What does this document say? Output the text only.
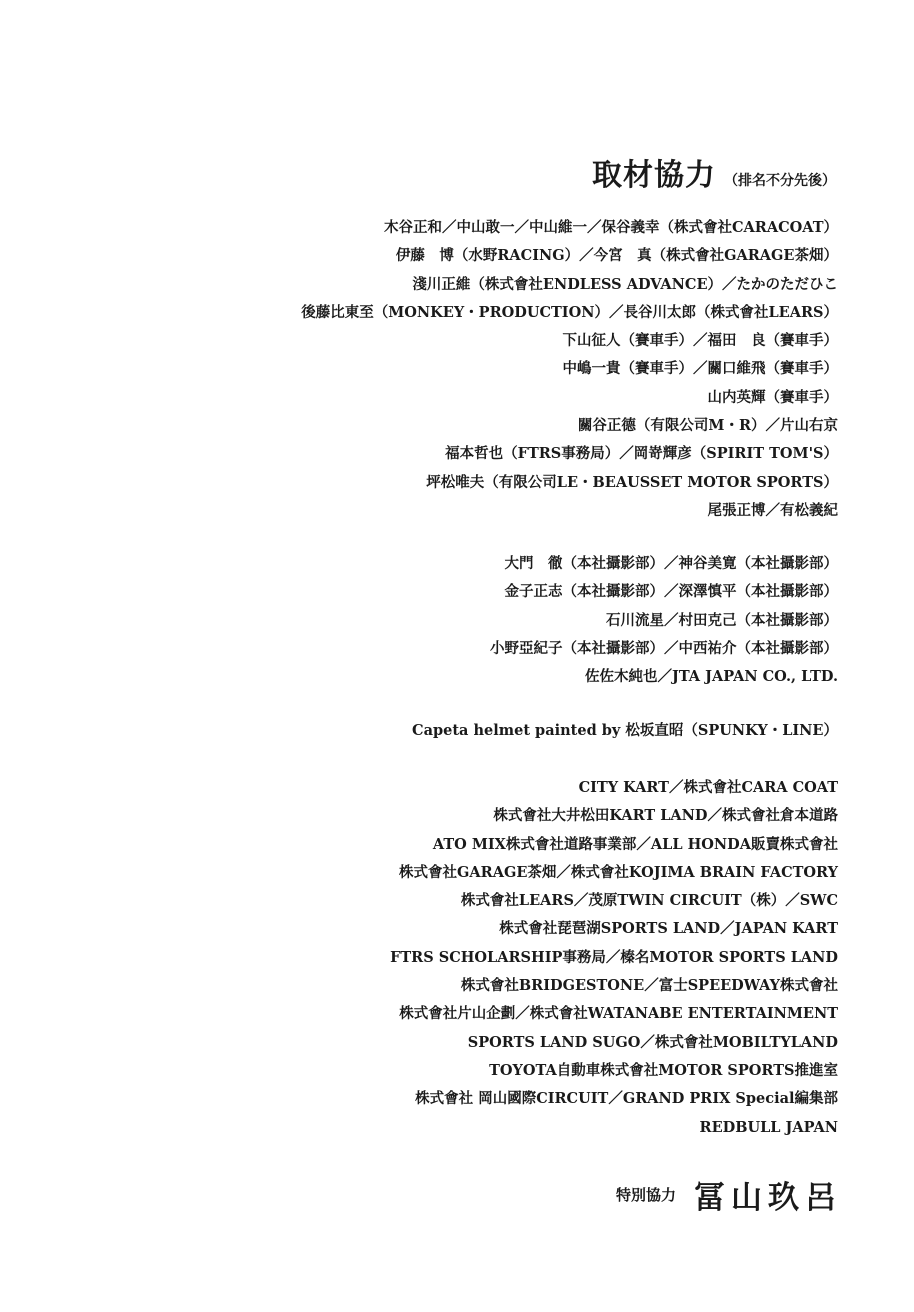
取材協力 （排名不分先後）
木谷正和／中山敢一／中山維一／保谷義幸（株式會社CARACOAT）
伊藤　博（水野RACING）／今宮　真（株式會社GARAGE茶畑）
淺川正維（株式會社ENDLESS ADVANCE）／たかのただひこ
後藤比東至（MONKEY・PRODUCTION）／長谷川太郎（株式會社LEARS）
下山征人（賽車手）／福田　良（賽車手）
中嶋一貴（賽車手）／關口維飛（賽車手）
山内英輝（賽車手）
關谷正德（有限公司M・R）／片山右京
福本哲也（FTRS事務局）／岡嵜輝彦（SPIRIT TOM'S）
坪松唯夫（有限公司LE・BEAUSSET MOTOR SPORTS）
尾張正博／有松義紀
大門　徹（本社攝影部）／神谷美寛（本社攝影部）
金子正志（本社攝影部）／深澤慎平（本社攝影部）
石川流星／村田克己（本社攝影部）
小野亞紀子（本社攝影部）／中西祐介（本社攝影部）
佐佐木純也／JTA JAPAN CO., LTD.
Capeta helmet painted by 松坂直昭（SPUNKY・LINE）
CITY KART／株式會社CARA COAT
株式會社大井松田KART LAND／株式會社倉本道路
ATO MIX株式會社道路事業部／ALL HONDA販賣株式會社
株式會社GARAGE茶畑／株式會社KOJIMA BRAIN FACTORY
株式會社LEARS／茂原TWIN CIRCUIT（株）／SWC
株式會社琵琶湖SPORTS LAND／JAPAN KART
FTRS SCHOLARSHIP事務局／榛名MOTOR SPORTS LAND
株式會社BRIDGESTONE／富士SPEEDWAY株式會社
株式會社片山企劃／株式會社WATANABE ENTERTAINMENT
SPORTS LAND SUGO／株式會社MOBILTYLAND
TOYOTA自動車株式會社MOTOR SPORTS推進室
株式會社 岡山國際CIRCUIT／GRAND PRIX Special編集部
REDBULL JAPAN
特別協力 冨山玖呂
